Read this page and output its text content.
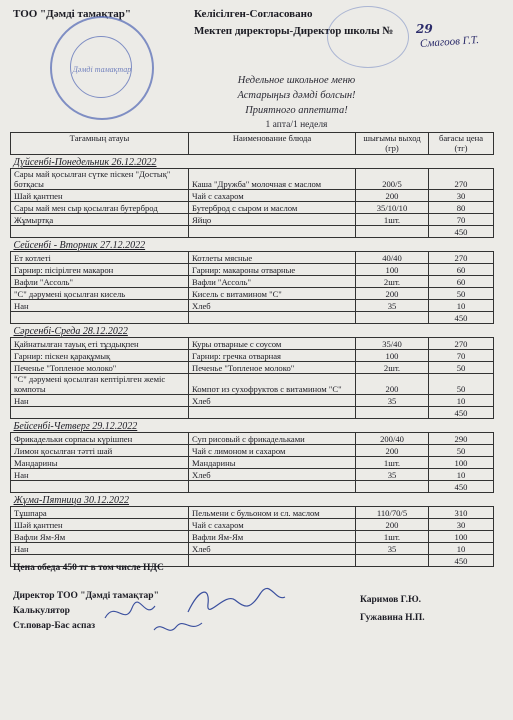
ТОО "Дәмді тамақтар"	Келісілген-Согласовано
Мектеп директоры-Директор школы № 29
Смагоов Г.Т.
Дәмді тамақтар
Недельное школьное меню
Астарыңыз дәмді болсын!
Приятного аппетита!
1 апта/1 неделя
Тағамның атауы	Наименование блюда	шығымы выход (гр)	бағасы цена (тг)
Дүйсенбі-Понедельник 26.12.2022			
Сары май қосылған сүтке піскен "Достық" ботқасы	Каша "Дружба" молочная с маслом	200/5	270
Шай қантпен	Чай с сахаром	200	30
Сары май мен сыр қосылған бутерброд	Бутерброд с сыром и маслом	35/10/10	80
Жұмыртқа	Яйцо	1шт.	70
			450
Сейсенбі - Вторник 27.12.2022			
Ет котлеті	Котлеты мясные	40/40	270
Гарнир: пісірілген макарон	Гарнир: макароны отварные	100	60
Вафли "Ассоль"	Вафли "Ассоль"	2шт.	60
"С" дәрумені қосылған кисель	Кисель с витамином "С"	200	50
Нан	Хлеб	35	10
			450
Сәрсенбі-Среда 28.12.2022			
Қайнатылған тауық еті тұздықпен	Куры отварные с соусом	35/40	270
Гарнир: піскен қарақұмық	Гарнир: гречка отварная	100	70
Печенье "Топленое молоко"	Печенье "Топленое молоко"	2шт.	50
"С" дәрумені қосылған кептірілген жеміс компоты	Компот из сухофруктов с витамином "С"	200	50
Нан	Хлеб	35	10
			450
Бейсенбі-Четверг 29.12.2022			
Фрикадельки сорпасы күрішпен	Суп рисовый с фрикадельками	200/40	290
Лимон қосылған тәтті шай	Чай с лимоном и сахаром	200	50
Мандарины	Мандарины	1шт.	100
Нан	Хлеб	35	10
			450
Жұма-Пятница 30.12.2022			
Тұшпара	Пельмени с бульоном и сл. маслом	110/70/5	310
Шәй қантпен	Чай с сахаром	200	30
Вафли Ям-Ям	Вафли Ям-Ям	1шт.	100
Нан	Хлеб	35	10
			450
Цена обеда 450 тг в том числе НДС
Директор ТОО "Дәмді тамақтар"	Каримов Г.Ю.
Калькулятор
Гужавина Н.П.
Ст.повар-Бас аспаз
